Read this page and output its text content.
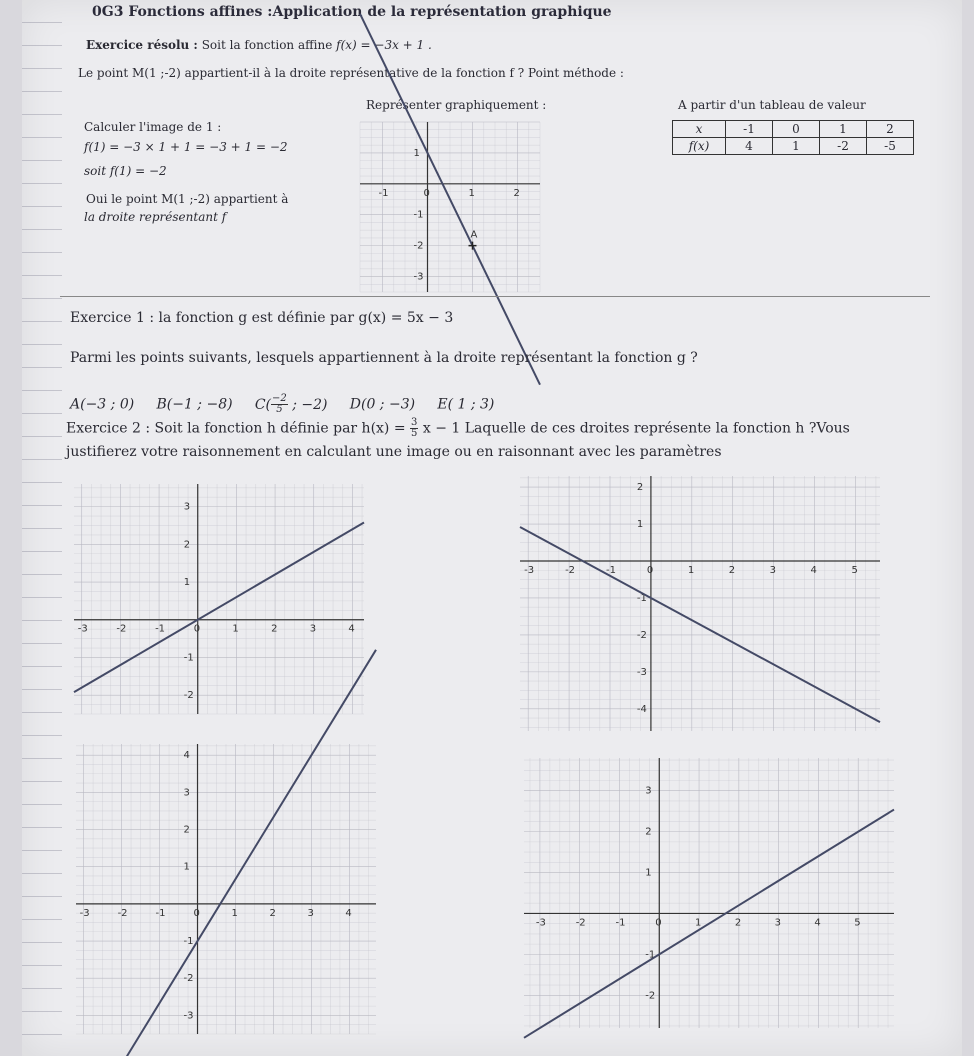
0G3 Fonctions affines :Application de la représentation graphique
Exercice résolu : Soit la fonction affine f(x) = −3x + 1 .
Le point M(1 ;-2) appartient-il à la droite représentative de la fonction f ? Point méthode :
Calculer l'image de 1 :
f(1) = −3 × 1 + 1 = −3 + 1 = −2
soit f(1) = −2
Oui le point M(1 ;-2) appartient à
la droite représentant f
Représenter graphiquement :
-1	0	1	2
1
-1
-2
-3
A
A partir d'un tableau de valeur
x	-1	0	1	2
f(x)	4	1	-2	-5
Exercice 1 : la fonction g est définie par g(x) = 5x − 3
Parmi les points suivants, lesquels appartiennent à la droite représentant la fonction g ?
A(−3 ; 0) B(−1 ; −8) $C( \frac{-2}{5}$ ; −2) D(0 ; −3) E( 1 ; 3)
Exercice 2 : Soit la fonction h définie par $h(x) = \frac{3}{5}$ x − 1 Laquelle de ces droites représente la fonction h ?Vous
justifierez votre raisonnement en calculant une image ou en raisonnant avec les paramètres
-3	-2	-1	0	1	2	3	4
3
2
1
-1
-2
-3	-2	-1	0	1	2	3	4	5
2
1
-1
-2
-3
-4
-3	-2	-1	0	1	2	3	4
4
3
2
1
-1
-2
-3
-3	-2	-1	0	1	2	3	4	5
3
2
1
-1
-2
